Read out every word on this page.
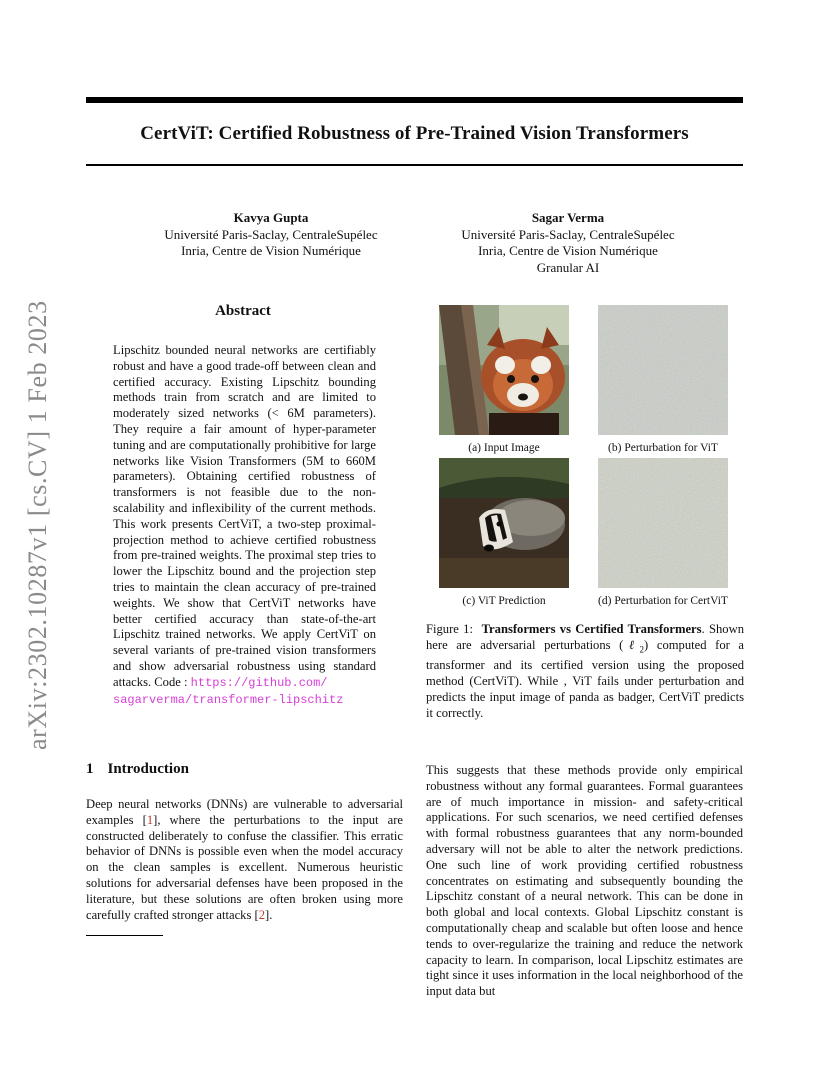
CertViT: Certified Robustness of Pre-Trained Vision Transformers
Kavya Gupta
Université Paris-Saclay, CentraleSupélec
Inria, Centre de Vision Numérique
Sagar Verma
Université Paris-Saclay, CentraleSupélec
Inria, Centre de Vision Numérique
Granular AI
arXiv:2302.10287v1 [cs.CV] 1 Feb 2023	Abstract
Lipschitz bounded neural networks are certifiably robust and have a good trade-off between clean and certified accuracy. Existing Lipschitz bounding methods train from scratch and are limited to moderately sized networks (< 6M parameters). They require a fair amount of hyper-parameter tuning and are computationally prohibitive for large networks like Vision Transformers (5M to 660M parameters). Obtaining certified robustness of transformers is not feasible due to the non-scalability and inflexibility of the current methods. This work presents CertViT, a two-step proximal-projection method to achieve certified robustness from pre-trained weights. The proximal step tries to lower the Lipschitz bound and the projection step tries to maintain the clean accuracy of pre-trained weights. We show that CertViT networks have better certified accuracy than state-of-the-art Lipschitz trained networks. We apply CertViT on several variants of pre-trained vision transformers and show adversarial robustness using standard attacks. Code : https://github.com/
sagarverma/transformer-lipschitz
(a) Input Image	(b) Perturbation for ViT
(c) ViT Prediction	(d) Perturbation for CertViT
Figure 1: Transformers vs Certified Transformers. Shown here are adversarial perturbations (ℓ$_2$) computed for a transformer and its certified version using the proposed method (CertViT). While , ViT fails under perturbation and predicts the input image of panda as badger, CertViT predicts it correctly.
1 Introduction
Deep neural networks (DNNs) are vulnerable to adversarial examples [1], where the perturbations to the input are constructed deliberately to confuse the classifier. This erratic behavior of DNNs is possible even when the model accuracy on the clean samples is excellent. Numerous heuristic solutions for adversarial defenses have been proposed in the literature, but these solutions are often broken using more carefully crafted stronger attacks [2].
This suggests that these methods provide only empirical robustness without any formal guarantees. Formal guarantees are of much importance in mission- and safety-critical applications. For such scenarios, we need certified defenses with formal robustness guarantees that any norm-bounded adversary will not be able to alter the network predictions. One such line of work providing certified robustness concentrates on estimating and subsequently bounding the Lipschitz constant of a neural network. This can be done in both global and local contexts. Global Lipschitz constant is computationally cheap and scalable but often loose and hence tends to over-regularize the training and reduce the network capacity to learn. In comparison, local Lipschitz estimates are tight since it uses information in the local neighborhood of the input data but
